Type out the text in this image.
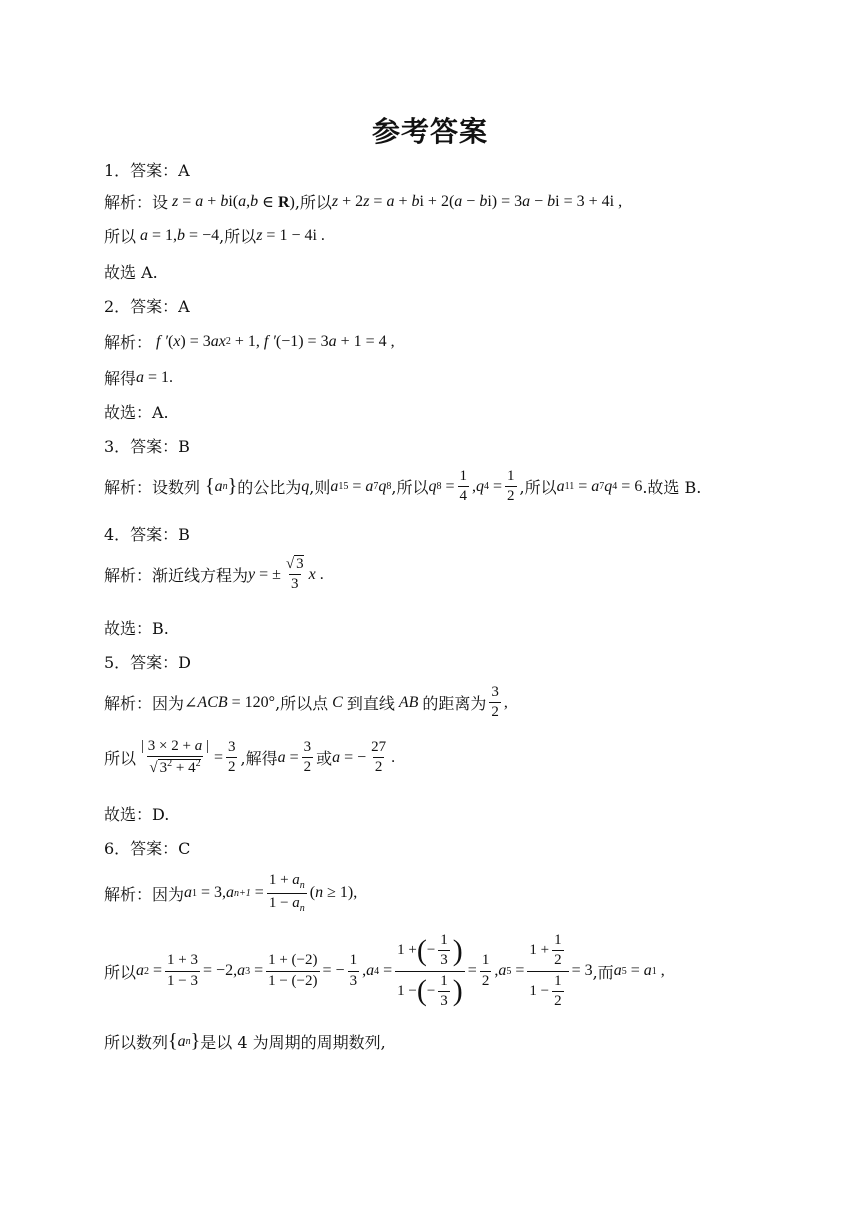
参考答案
1．答案：A
解析：设 z = a + b i( a , b ∈ R) ,所以 z + 2 z = a + b i + 2( a − b i) = 3 a − b i = 3 + 4i ,
所以 a = 1, b = −4 ,所以 z = 1 − 4i .
故选 A.
2．答案：A
解析： f ′ ( x ) = 3 ax 2 + 1, f ′ (−1) = 3 a + 1 = 4 ,
解得 a = 1.
故选：A.
3．答案：B
解析：设数列 { a n } 的公比为 q ,则 a 15 = a 7 q 8 ,所以 q $8 = \frac{1}{4}$ , q $4 = \frac{1}{2}$ ,所以 a 11 = a 7 q 4 = 6 .故选 B.
4．答案：B
解析：渐近线方程为 y = ± $\frac{√ 3}{3}$ x .
故选：B.
5．答案：D
解析：因为 ∠ ACB = 120° ,所以点 C 到直线 AB 的距离为 $\frac{3}{2}$ ,
所以 $\frac{| 3 \times 2 + a |}{√ 3^2 + 4^2} = \frac{3}{2}$ ,解得 $a = \frac{3}{2}$ 或 a = − $\frac{27}{2}$ .
故选：D.
6．答案：C
解析：因为 a 1 = 3, a $n+1 = \frac{1 + a_n}{1 - a_n}$ ( n ≥ 1),
所以 a $2 = \frac{1 + 3}{1 - 3} = -2$, a $3 = \frac{1 + (-2)}{1 - (-2)}$ = − $\frac{1}{3}$ , a $4 = \frac{1 + ( - \frac{1}{3} )}{1 - ( - \frac{1}{3} )} = \frac{1}{2}$ , a $5 = \frac{1 + \frac{1}{2}}{1 - \frac{1}{2}} = 3$ ,而 a 5 = a 1 ,
所以数列 { a n } 是以 4 为周期的周期数列,
